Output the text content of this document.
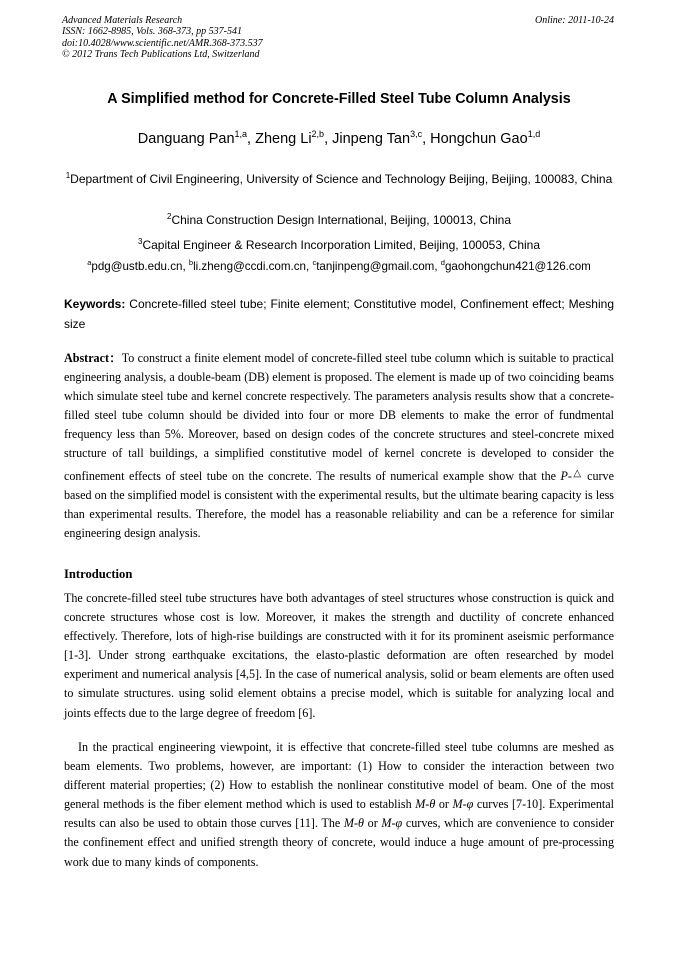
Advanced Materials Research
ISSN: 1662-8985, Vols. 368-373, pp 537-541
doi:10.4028/www.scientific.net/AMR.368-373.537
© 2012 Trans Tech Publications Ltd, Switzerland
Online: 2011-10-24
A Simplified method for Concrete-Filled Steel Tube Column Analysis
Danguang Pan$^{1,a}$, Zheng Li$^{2,b}$, Jinpeng Tan$^{3,c}$, Hongchun Gao$^{1,d}$
$^1$Department of Civil Engineering, University of Science and Technology Beijing, Beijing, 100083, China
$^2$China Construction Design International, Beijing, 100013, China
$^3$Capital Engineer & Research Incorporation Limited, Beijing, 100053, China
$^a$pdg@ustb.edu.cn, $^b$li.zheng@ccdi.com.cn, $^c$tanjinpeng@gmail.com, $^d$gaohongchun421@126.com
Keywords: Concrete-filled steel tube; Finite element; Constitutive model, Confinement effect; Meshing size
Abstract：To construct a finite element model of concrete-filled steel tube column which is suitable to practical engineering analysis, a double-beam (DB) element is proposed. The element is made up of two coinciding beams which simulate steel tube and kernel concrete respectively. The parameters analysis results show that a concrete-filled steel tube column should be divided into four or more DB elements to make the error of fundmental frequency less than 5%. Moreover, based on design codes of the concrete structures and steel-concrete mixed structure of tall buildings, a simplified constitutive model of kernel concrete is developed to consider the confinement effects of steel tube on the concrete. The results of numerical example show that the P-△ curve based on the simplified model is consistent with the experimental results, but the ultimate bearing capacity is less than experimental results. Therefore, the model has a reasonable reliability and can be a reference for similar engineering design analysis.
Introduction
The concrete-filled steel tube structures have both advantages of steel structures whose construction is quick and concrete structures whose cost is low. Moreover, it makes the strength and ductility of concrete enhanced effectively. Therefore, lots of high-rise buildings are constructed with it for its prominent aseismic performance [1-3]. Under strong earthquake excitations, the elasto-plastic deformation are often researched by model experiment and numerical analysis [4,5]. In the case of numerical analysis, solid or beam elements are often used to simulate structures. using solid element obtains a precise model, which is suitable for analyzing local and joints effects due to the large degree of freedom [6].
In the practical engineering viewpoint, it is effective that concrete-filled steel tube columns are meshed as beam elements. Two problems, however, are important: (1) How to consider the interaction between two different material properties; (2) How to establish the nonlinear constitutive model of beam. One of the most general methods is the fiber element method which is used to establish M-θ or M-φ curves [7-10]. Experimental results can also be used to obtain those curves [11]. The M-θ or M-φ curves, which are convenience to consider the confinement effect and unified strength theory of concrete, would induce a huge amount of pre-processing work due to many kinds of components.
